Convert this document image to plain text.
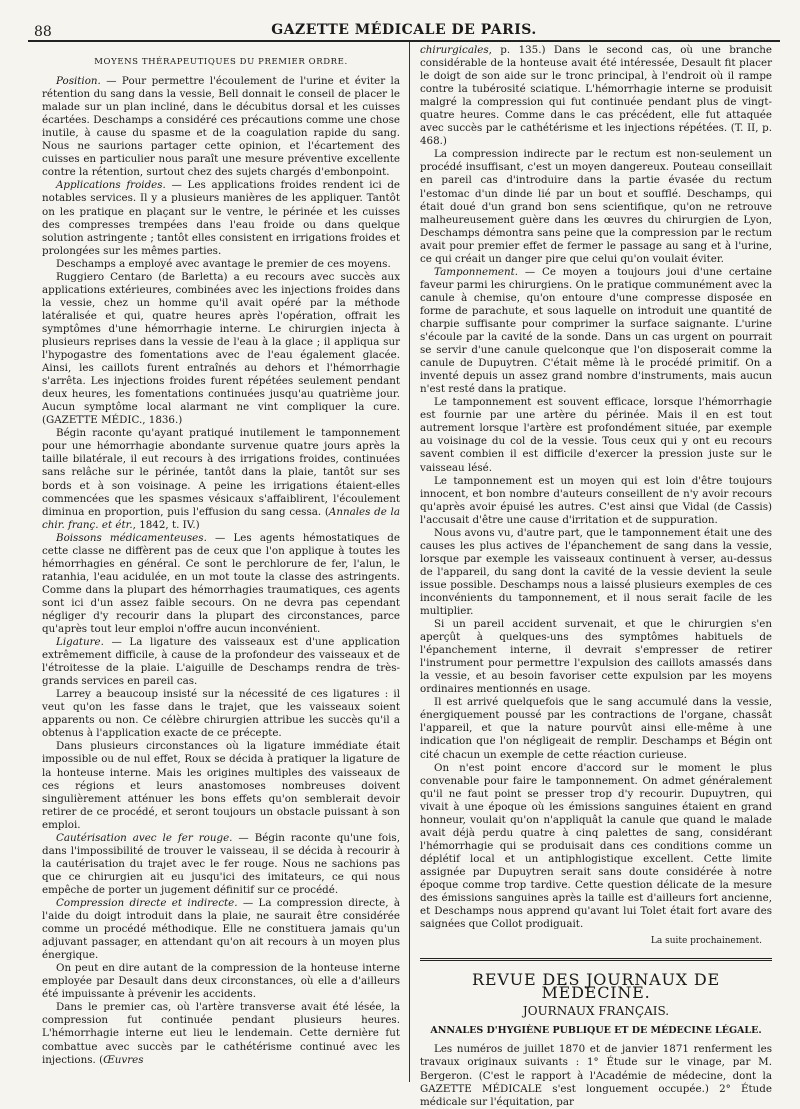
88	GAZETTE MÉDICALE DE PARIS.

MOYENS THÉRAPEUTIQUES DU PREMIER ORDRE.

Position. — Pour permettre l'écoulement de l'urine et éviter la rétention du sang dans la vessie, Bell donnait le conseil de placer le malade sur un plan incliné, dans le décubitus dorsal et les cuisses écartées. Deschamps a considéré ces précautions comme une chose inutile, à cause du spasme et de la coagulation rapide du sang. Nous ne saurions partager cette opinion, et l'écartement des cuisses en particulier nous paraît une mesure préventive excellente contre la rétention, surtout chez des sujets chargés d'embonpoint.

Applications froides. — Les applications froides rendent ici de notables services. Il y a plusieurs manières de les appliquer. Tantôt on les pratique en plaçant sur le ventre, le périnée et les cuisses des compresses trempées dans l'eau froide ou dans quelque solution astringente ; tantôt elles consistent en irrigations froides et prolongées sur les mêmes parties.

Deschamps a employé avec avantage le premier de ces moyens.

Ruggiero Centaro (de Barletta) a eu recours avec succès aux applications extérieures, combinées avec les injections froides dans la vessie, chez un homme qu'il avait opéré par la méthode latéralisée et qui, quatre heures après l'opération, offrait les symptômes d'une hémorrhagie interne. Le chirurgien injecta à plusieurs reprises dans la vessie de l'eau à la glace ; il appliqua sur l'hypogastre des fomentations avec de l'eau également glacée. Ainsi, les caillots furent entraînés au dehors et l'hémorrhagie s'arrêta. Les injections froides furent répétées seulement pendant deux heures, les fomentations continuées jusqu'au quatrième jour. Aucun symptôme local alarmant ne vint compliquer la cure. (GAZETTE MÉDIC., 1836.)

Bégin raconte qu'ayant pratiqué inutilement le tamponnement pour une hémorrhagie abondante survenue quatre jours après la taille bilatérale, il eut recours à des irrigations froides, continuées sans relâche sur le périnée, tantôt dans la plaie, tantôt sur ses bords et à son voisinage. A peine les irrigations étaient-elles commencées que les spasmes vésicaux s'affaiblirent, l'écoulement diminua en proportion, puis l'effusion du sang cessa. (Annales de la chir. franç. et étr., 1842, t. IV.)

Boissons médicamenteuses. — Les agents hémostatiques de cette classe ne diffèrent pas de ceux que l'on applique à toutes les hémorrhagies en général. Ce sont le perchlorure de fer, l'alun, le ratanhia, l'eau acidulée, en un mot toute la classe des astringents. Comme dans la plupart des hémorrhagies traumatiques, ces agents sont ici d'un assez faible secours. On ne devra pas cependant négliger d'y recourir dans la plupart des circonstances, parce qu'après tout leur emploi n'offre aucun inconvénient.

Ligature. — La ligature des vaisseaux est d'une application extrêmement difficile, à cause de la profondeur des vaisseaux et de l'étroitesse de la plaie. L'aiguille de Deschamps rendra de très-grands services en pareil cas.

Larrey a beaucoup insisté sur la nécessité de ces ligatures : il veut qu'on les fasse dans le trajet, que les vaisseaux soient apparents ou non. Ce célèbre chirurgien attribue les succès qu'il a obtenus à l'application exacte de ce précepte.

Dans plusieurs circonstances où la ligature immédiate était impossible ou de nul effet, Roux se décida à pratiquer la ligature de la honteuse interne. Mais les origines multiples des vaisseaux de ces régions et leurs anastomoses nombreuses doivent singulièrement atténuer les bons effets qu'on semblerait devoir retirer de ce procédé, et seront toujours un obstacle puissant à son emploi.

Cautérisation avec le fer rouge. — Bégin raconte qu'une fois, dans l'impossibilité de trouver le vaisseau, il se décida à recourir à la cautérisation du trajet avec le fer rouge. Nous ne sachions pas que ce chirurgien ait eu jusqu'ici des imitateurs, ce qui nous empêche de porter un jugement définitif sur ce procédé.

Compression directe et indirecte. — La compression directe, à l'aide du doigt introduit dans la plaie, ne saurait être considérée comme un procédé méthodique. Elle ne constituera jamais qu'un adjuvant passager, en attendant qu'on ait recours à un moyen plus énergique.

On peut en dire autant de la compression de la honteuse interne employée par Desault dans deux circonstances, où elle a d'ailleurs été impuissante à prévenir les accidents.

Dans le premier cas, où l'artère transverse avait été lésée, la compression fut continuée pendant plusieurs heures. L'hémorrhagie interne eut lieu le lendemain. Cette dernière fut combattue avec succès par le cathétérisme continué avec les injections. (Œuvres

chirurgicales, p. 135.) Dans le second cas, où une branche considérable de la honteuse avait été intéressée, Desault fit placer le doigt de son aide sur le tronc principal, à l'endroit où il rampe contre la tubérosité sciatique. L'hémorrhagie interne se produisit malgré la compression qui fut continuée pendant plus de vingt-quatre heures. Comme dans le cas précédent, elle fut attaquée avec succès par le cathétérisme et les injections répétées. (T. II, p. 468.)

La compression indirecte par le rectum est non-seulement un procédé insuffisant, c'est un moyen dangereux. Pouteau conseillait en pareil cas d'introduire dans la partie évasée du rectum l'estomac d'un dinde lié par un bout et soufflé. Deschamps, qui était doué d'un grand bon sens scientifique, qu'on ne retrouve malheureusement guère dans les œuvres du chirurgien de Lyon, Deschamps démontra sans peine que la compression par le rectum avait pour premier effet de fermer le passage au sang et à l'urine, ce qui créait un danger pire que celui qu'on voulait éviter.

Tamponnement. — Ce moyen a toujours joui d'une certaine faveur parmi les chirurgiens. On le pratique communément avec la canule à chemise, qu'on entoure d'une compresse disposée en forme de parachute, et sous laquelle on introduit une quantité de charpie suffisante pour comprimer la surface saignante. L'urine s'écoule par la cavité de la sonde. Dans un cas urgent on pourrait se servir d'une canule quelconque que l'on disposerait comme la canule de Dupuytren. C'était même là le procédé primitif. On a inventé depuis un assez grand nombre d'instruments, mais aucun n'est resté dans la pratique.

Le tamponnement est souvent efficace, lorsque l'hémorrhagie est fournie par une artère du périnée. Mais il en est tout autrement lorsque l'artère est profondément située, par exemple au voisinage du col de la vessie. Tous ceux qui y ont eu recours savent combien il est difficile d'exercer la pression juste sur le vaisseau lésé.

Le tamponnement est un moyen qui est loin d'être toujours innocent, et bon nombre d'auteurs conseillent de n'y avoir recours qu'après avoir épuisé les autres. C'est ainsi que Vidal (de Cassis) l'accusait d'être une cause d'irritation et de suppuration.

Nous avons vu, d'autre part, que le tamponnement était une des causes les plus actives de l'épanchement de sang dans la vessie, lorsque par exemple les vaisseaux continuent à verser, au-dessus de l'appareil, du sang dont la cavité de la vessie devient la seule issue possible. Deschamps nous a laissé plusieurs exemples de ces inconvénients du tamponnement, et il nous serait facile de les multiplier.

Si un pareil accident survenait, et que le chirurgien s'en aperçût à quelques-uns des symptômes habituels de l'épanchement interne, il devrait s'empresser de retirer l'instrument pour permettre l'expulsion des caillots amassés dans la vessie, et au besoin favoriser cette expulsion par les moyens ordinaires mentionnés en usage.

Il est arrivé quelquefois que le sang accumulé dans la vessie, énergiquement poussé par les contractions de l'organe, chassât l'appareil, et que la nature pourvût ainsi elle-même à une indication que l'on négligeait de remplir. Deschamps et Bégin ont cité chacun un exemple de cette réaction curieuse.

On n'est point encore d'accord sur le moment le plus convenable pour faire le tamponnement. On admet généralement qu'il ne faut point se presser trop d'y recourir. Dupuytren, qui vivait à une époque où les émissions sanguines étaient en grand honneur, voulait qu'on n'appliquât la canule que quand le malade avait déjà perdu quatre à cinq palettes de sang, considérant l'hémorrhagie qui se produisait dans ces conditions comme un déplétif local et un antiphlogistique excellent. Cette limite assignée par Dupuytren serait sans doute considérée à notre époque comme trop tardive. Cette question délicate de la mesure des émissions sanguines après la taille est d'ailleurs fort ancienne, et Deschamps nous apprend qu'avant lui Tolet était fort avare des saignées que Collot prodiguait.

La suite prochainement.

REVUE DES JOURNAUX DE MÉDECINE.

JOURNAUX FRANÇAIS.

ANNALES D'HYGIÈNE PUBLIQUE ET DE MÉDECINE LÉGALE.

Les numéros de juillet 1870 et de janvier 1871 renferment les travaux originaux suivants : 1° Étude sur le vinage, par M. Bergeron. (C'est le rapport à l'Académie de médecine, dont la GAZETTE MÉDICALE s'est longuement occupée.) 2° Étude médicale sur l'équitation, par
